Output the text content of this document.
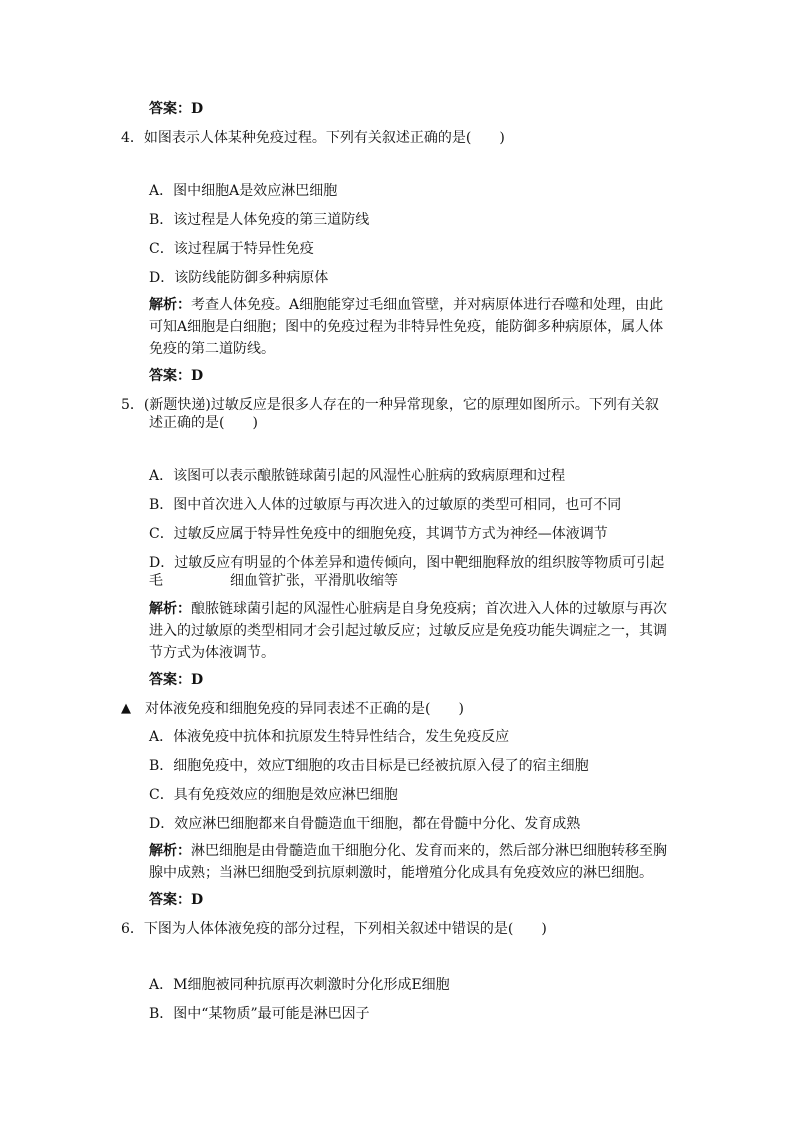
答案：D
4．如图表示人体某种免疫过程。下列有关叙述正确的是(　　)
A．图中细胞A是效应淋巴细胞
B．该过程是人体免疫的第三道防线
C．该过程属于特异性免疫
D．该防线能防御多种病原体
解析：考查人体免疫。A细胞能穿过毛细血管壁，并对病原体进行吞噬和处理，由此
可知A细胞是白细胞；图中的免疫过程为非特异性免疫，能防御多种病原体，属人体
免疫的第二道防线。
答案：D
5．(新题快递)过敏反应是很多人存在的一种异常现象，它的原理如图所示。下列有关叙
述正确的是(　　)
A．该图可以表示酿脓链球菌引起的风湿性心脏病的致病原理和过程
B．图中首次进入人体的过敏原与再次进入的过敏原的类型可相同，也可不同
C．过敏反应属于特异性免疫中的细胞免疫，其调节方式为神经—体液调节
D．过敏反应有明显的个体差异和遗传倾向，图中靶细胞释放的组织胺等物质可引起
毛	细血管扩张，平滑肌收缩等
解析：酿脓链球菌引起的风湿性心脏病是自身免疫病；首次进入人体的过敏原与再次
进入的过敏原的类型相同才会引起过敏反应；过敏反应是免疫功能失调症之一，其调
节方式为体液调节。
答案：D
▲ 对体液免疫和细胞免疫的异同表述不正确的是(　　)
A．体液免疫中抗体和抗原发生特异性结合，发生免疫反应
B．细胞免疫中，效应T细胞的攻击目标是已经被抗原入侵了的宿主细胞
C．具有免疫效应的细胞是效应淋巴细胞
D．效应淋巴细胞都来自骨髓造血干细胞，都在骨髓中分化、发育成熟
解析：淋巴细胞是由骨髓造血干细胞分化、发育而来的，然后部分淋巴细胞转移至胸
腺中成熟；当淋巴细胞受到抗原刺激时，能增殖分化成具有免疫效应的淋巴细胞。
答案：D
6．下图为人体体液免疫的部分过程，下列相关叙述中错误的是(　　)
A．M细胞被同种抗原再次刺激时分化形成E细胞
B．图中“某物质”最可能是淋巴因子
